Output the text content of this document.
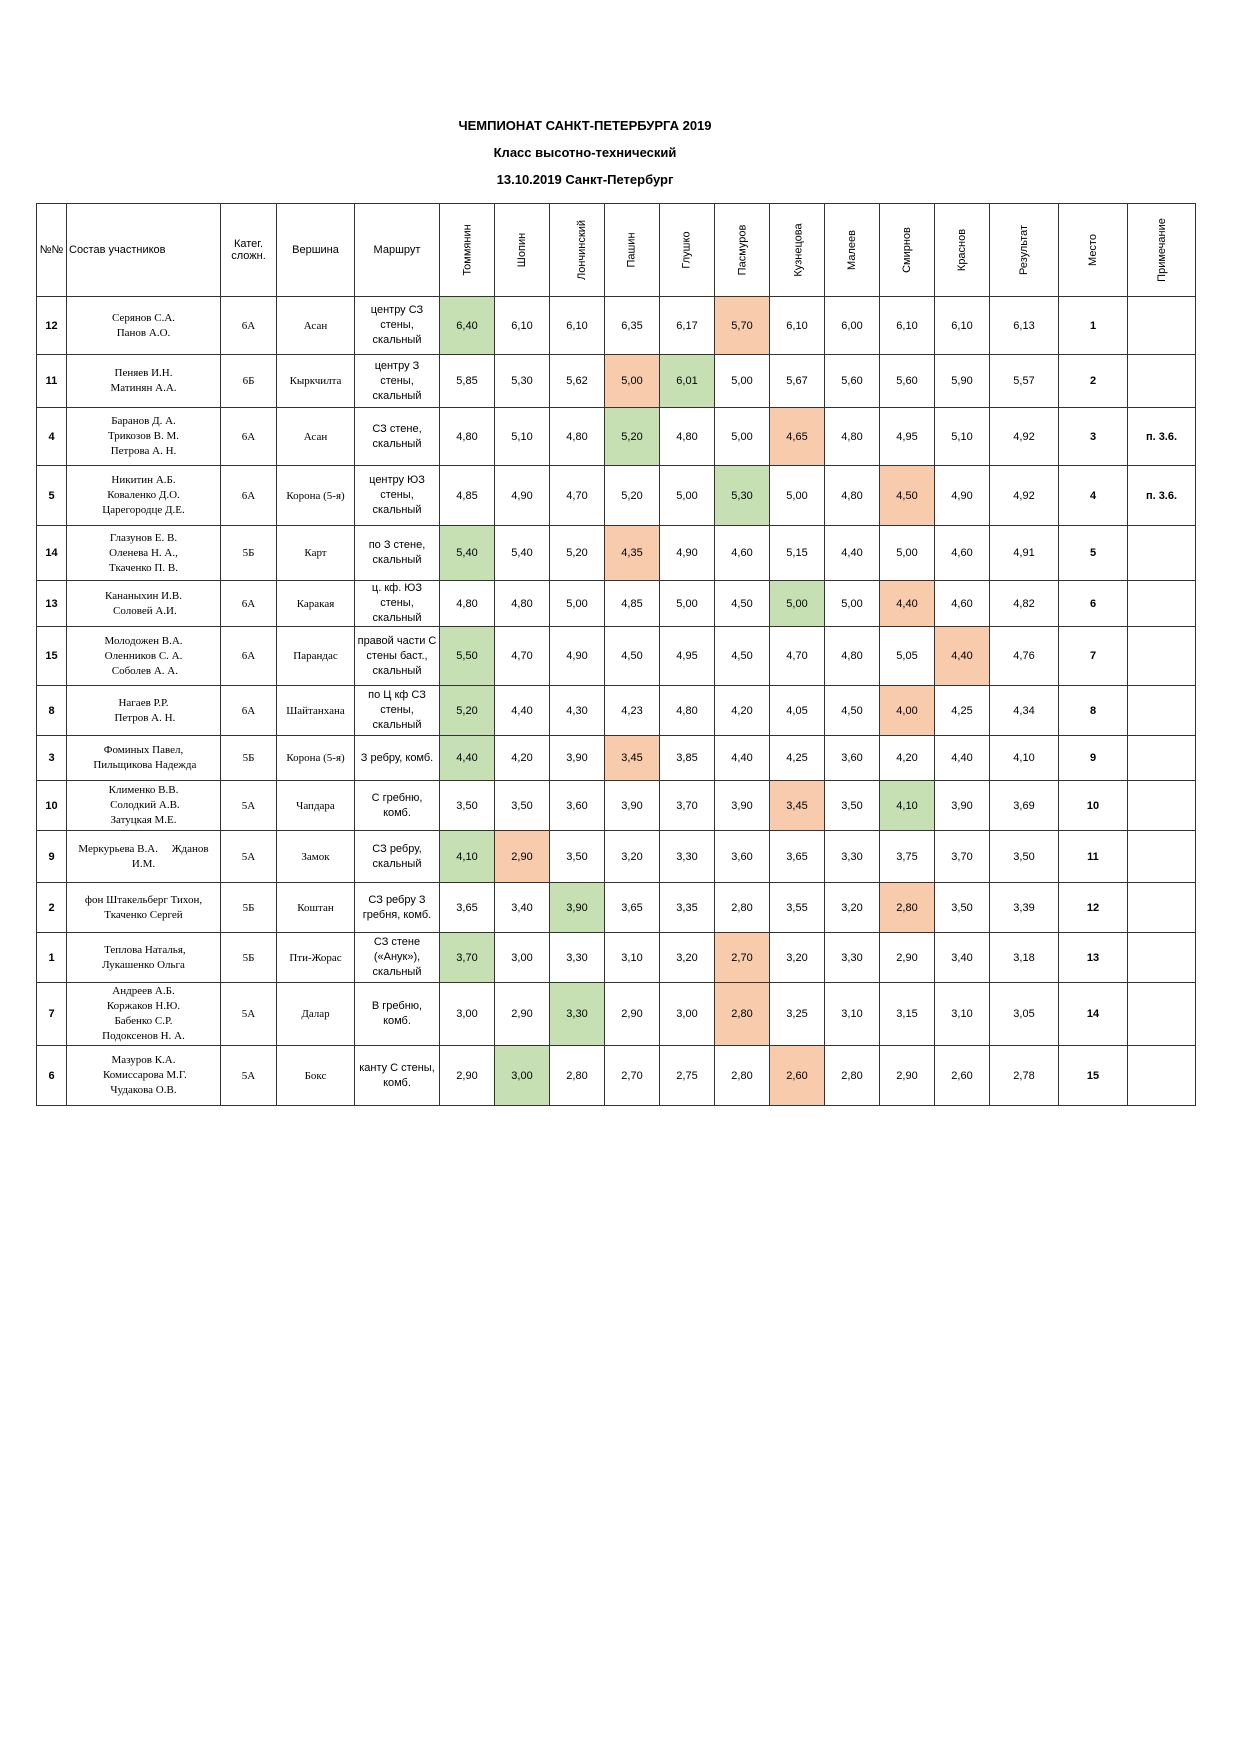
ЧЕМПИОНАТ САНКТ-ПЕТЕРБУРГА 2019
Класс высотно-технический
13.10.2019 Санкт-Петербург
№№	Состав участников	Катег. сложн.	Вершина	Маршрут	Томмянин	Шопин	Лончинский	Пашин	Глушко	Пасмуров	Кузнецова	Малеев	Смирнов	Краснов	Результат	Место	Примечание
12	Серянов С.А.
Панов А.О.	6А	Асан	центру СЗ стены, скальный	6,40	6,10	6,10	6,35	6,17	5,70	6,10	6,00	6,10	6,10	6,13	1	
11	Пеняев И.Н.
Матинян А.А.	6Б	Кыркчилта	центру З стены, скальный	5,85	5,30	5,62	5,00	6,01	5,00	5,67	5,60	5,60	5,90	5,57	2	
4	Баранов Д. А.
Трикозов В. М.
Петрова А. Н.	6А	Асан	СЗ стене, скальный	4,80	5,10	4,80	5,20	4,80	5,00	4,65	4,80	4,95	5,10	4,92	3	п. 3.6.
5	Никитин А.Б.
Коваленко Д.О.
Царегородце Д.Е.	6А	Корона (5-я)	центру ЮЗ стены, скальный	4,85	4,90	4,70	5,20	5,00	5,30	5,00	4,80	4,50	4,90	4,92	4	п. 3.6.
14	Глазунов Е. В.
Оленева Н. А.,
Ткаченко П. В.	5Б	Карт	по З стене, скальный	5,40	5,40	5,20	4,35	4,90	4,60	5,15	4,40	5,00	4,60	4,91	5	
13	Кананыхин И.В.
Соловей А.И.	6А	Каракая	ц. кф. ЮЗ стены, скальный	4,80	4,80	5,00	4,85	5,00	4,50	5,00	5,00	4,40	4,60	4,82	6	
15	Молодожен В.А.
Оленников С. А.
Соболев А. А.	6А	Парандас	правой части С стены баст., скальный	5,50	4,70	4,90	4,50	4,95	4,50	4,70	4,80	5,05	4,40	4,76	7	
8	Нагаев Р.Р.
Петров А. Н.	6А	Шайтанхана	по Ц кф СЗ стены, скальный	5,20	4,40	4,30	4,23	4,80	4,20	4,05	4,50	4,00	4,25	4,34	8	
3	Фоминых Павел,
Пильщикова Надежда	5Б	Корона (5-я)	З ребру, комб.	4,40	4,20	3,90	3,45	3,85	4,40	4,25	3,60	4,20	4,40	4,10	9	
10	Клименко В.В.
Солодкий А.В.
Затуцкая М.Е.	5А	Чапдара	С гребню, комб.	3,50	3,50	3,60	3,90	3,70	3,90	3,45	3,50	4,10	3,90	3,69	10	
9	Меркурьева В.А.     Жданов
И.М.	5А	Замок	СЗ ребру, скальный	4,10	2,90	3,50	3,20	3,30	3,60	3,65	3,30	3,75	3,70	3,50	11	
2	фон Штакельберг Тихон,
Ткаченко Сергей	5Б	Коштан	СЗ ребру З гребня, комб.	3,65	3,40	3,90	3,65	3,35	2,80	3,55	3,20	2,80	3,50	3,39	12	
1	Теплова Наталья,
Лукашенко Ольга	5Б	Пти-Жорас	СЗ стене («Анук»), скальный	3,70	3,00	3,30	3,10	3,20	2,70	3,20	3,30	2,90	3,40	3,18	13	
7	Андреев А.Б.
Коржаков Н.Ю.
Бабенко С.Р.
Подоксенов Н. А.	5А	Далар	В гребню, комб.	3,00	2,90	3,30	2,90	3,00	2,80	3,25	3,10	3,15	3,10	3,05	14	
6	Мазуров К.А.
Комиссарова М.Г.
Чудакова О.В.	5А	Бокс	канту С стены, комб.	2,90	3,00	2,80	2,70	2,75	2,80	2,60	2,80	2,90	2,60	2,78	15	
